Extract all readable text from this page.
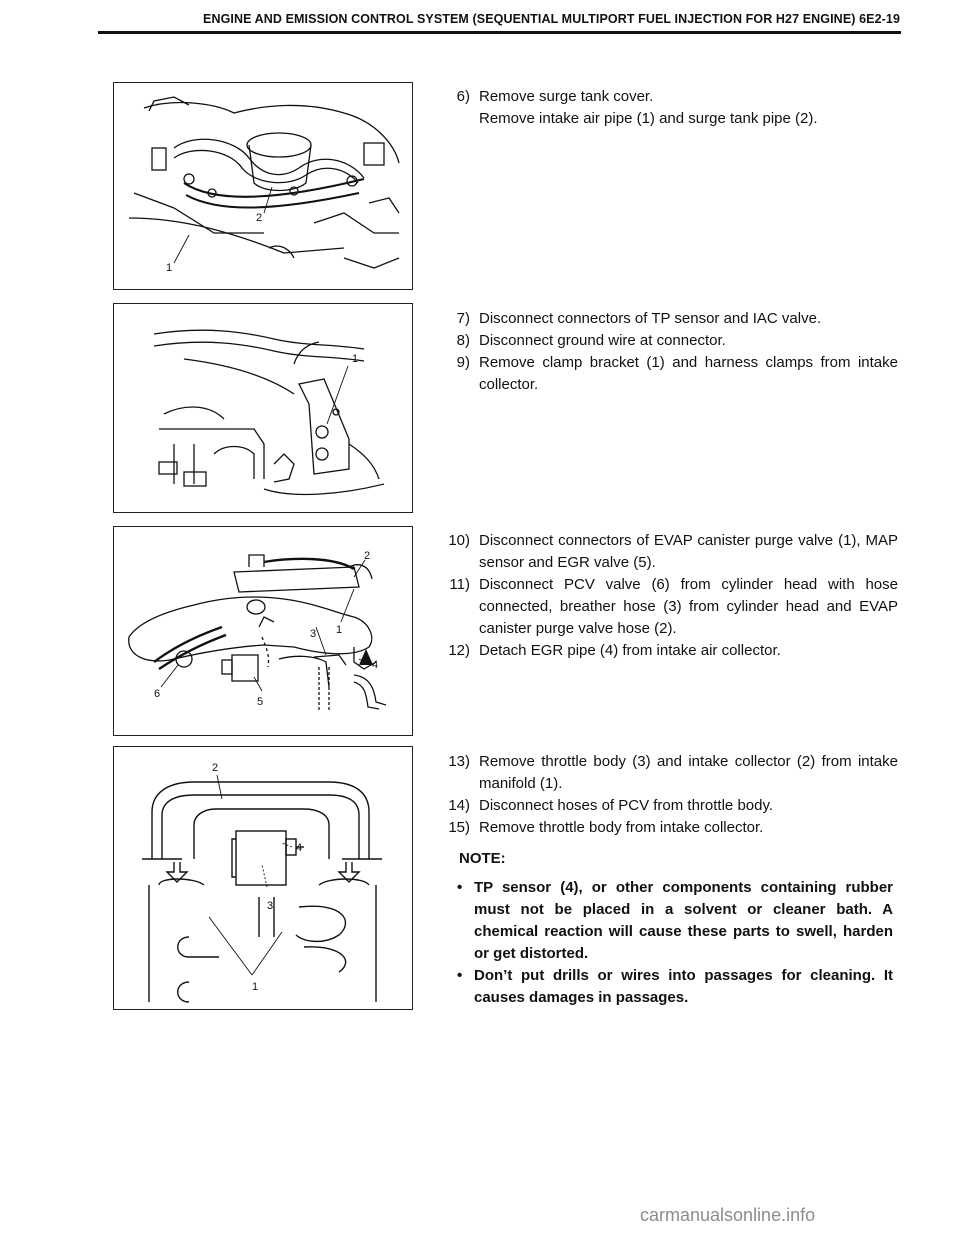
ENGINE AND EMISSION CONTROL SYSTEM (SEQUENTIAL MULTIPORT FUEL INJECTION FOR H27 ENGINE) 6E2-19
2
1
1
2
1
3
4
5
6
2
4
3
1
6) Remove surge tank cover.
Remove intake air pipe (1) and surge tank pipe (2).
7) Disconnect connectors of TP sensor and IAC valve.
8) Disconnect ground wire at connector.
9) Remove clamp bracket (1) and harness clamps from intake collector.
10) Disconnect connectors of EVAP canister purge valve (1), MAP sensor and EGR valve (5).
11) Disconnect PCV valve (6) from cylinder head with hose connected, breather hose (3) from cylinder head and EVAP canister purge valve hose (2).
12) Detach EGR pipe (4) from intake air collector.
13) Remove throttle body (3) and intake collector (2) from intake manifold (1).
14) Disconnect hoses of PCV from throttle body.
15) Remove throttle body from intake collector.
NOTE:
• TP sensor (4), or other components containing rubber must not be placed in a solvent or cleaner bath. A chemical reaction will cause these parts to swell, harden or get distorted.
• Don’t put drills or wires into passages for cleaning. It causes damages in passages.
carmanualsonline.info
